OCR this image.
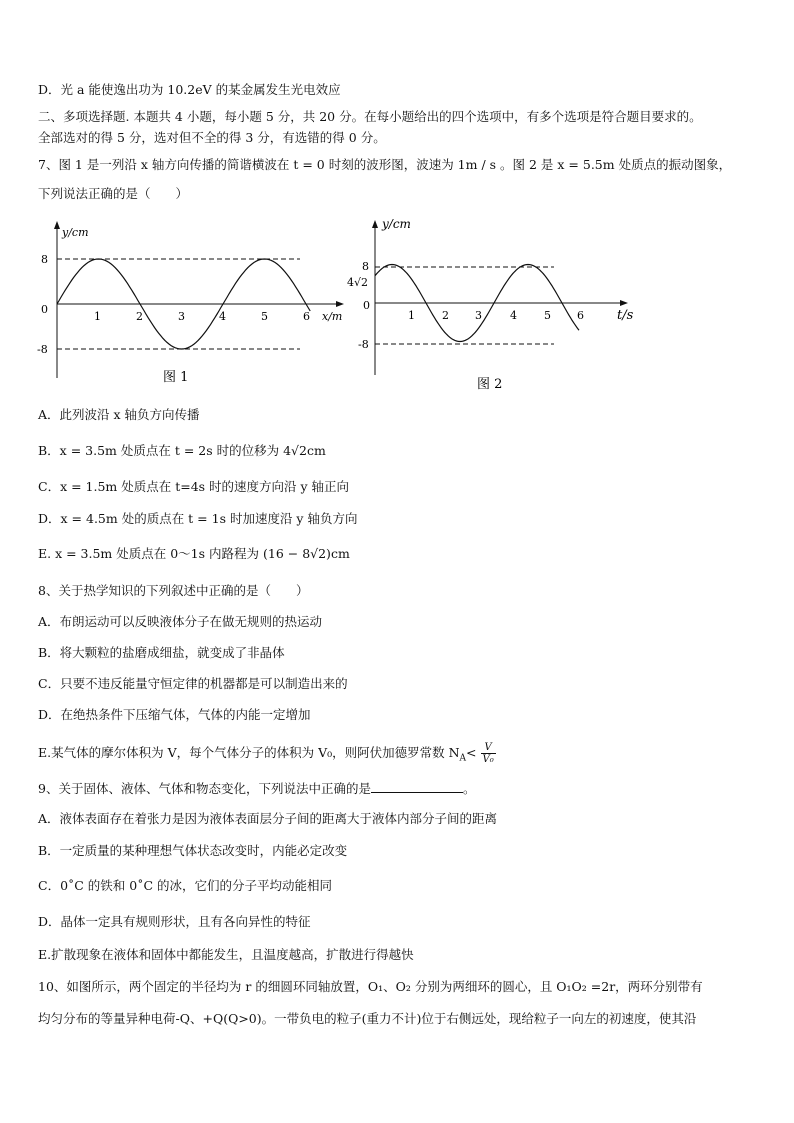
D．光 a 能使逸出功为 10.2eV 的某金属发生光电效应
二、多项选择题. 本题共 4 小题，每小题 5 分，共 20 分。在每小题给出的四个选项中，有多个选项是符合题目要求的。
全部选对的得 5 分，选对但不全的得 3 分，有选错的得 0 分。
7、图 1 是一列沿 x 轴方向传播的简谐横波在 t = 0 时刻的波形图，波速为 1m / s 。图 2 是 x = 5.5m 处质点的振动图象，
下列说法正确的是（　　）
y/cm
8
0
-8
1	2	3	4	5	6 x/m
图 1
y/cm
8
4√2
0
-8
1 2 3	4 5 6	t/s
图 2
A．此列波沿 x 轴负方向传播
B．x = 3.5m 处质点在 t = 2s 时的位移为 4√2cm
C．x = 1.5m 处质点在 t=4s 时的速度方向沿 y 轴正向
D．x = 4.5m 处的质点在 t = 1s 时加速度沿 y 轴负方向
E. x = 3.5m 处质点在 0～1s 内路程为 (16 − 8√2)cm
8、关于热学知识的下列叙述中正确的是（　　）
A．布朗运动可以反映液体分子在做无规则的热运动
B．将大颗粒的盐磨成细盐，就变成了非晶体
C．只要不违反能量守恒定律的机器都是可以制造出来的
D．在绝热条件下压缩气体，气体的内能一定增加
E.某气体的摩尔体积为 V，每个气体分子的体积为 V₀，则阿伏加德罗常数 $N_A< \frac{V}{\text{V₀}}$
9、关于固体、液体、气体和物态变化，下列说法中正确的是	。
A．液体表面存在着张力是因为液体表面层分子间的距离大于液体内部分子间的距离
B．一定质量的某种理想气体状态改变时，内能必定改变
C．0˚C 的铁和 0˚C 的冰，它们的分子平均动能相同
D．晶体一定具有规则形状，且有各向异性的特征
E.扩散现象在液体和固体中都能发生，且温度越高，扩散进行得越快
10、如图所示，两个固定的半径均为 r 的细圆环同轴放置，O₁、O₂ 分别为两细环的圆心，且 O₁O₂ =2r，两环分别带有
均匀分布的等量异种电荷-Q、+Q(Q>0)。一带负电的粒子(重力不计)位于右侧远处，现给粒子一向左的初速度，使其沿
